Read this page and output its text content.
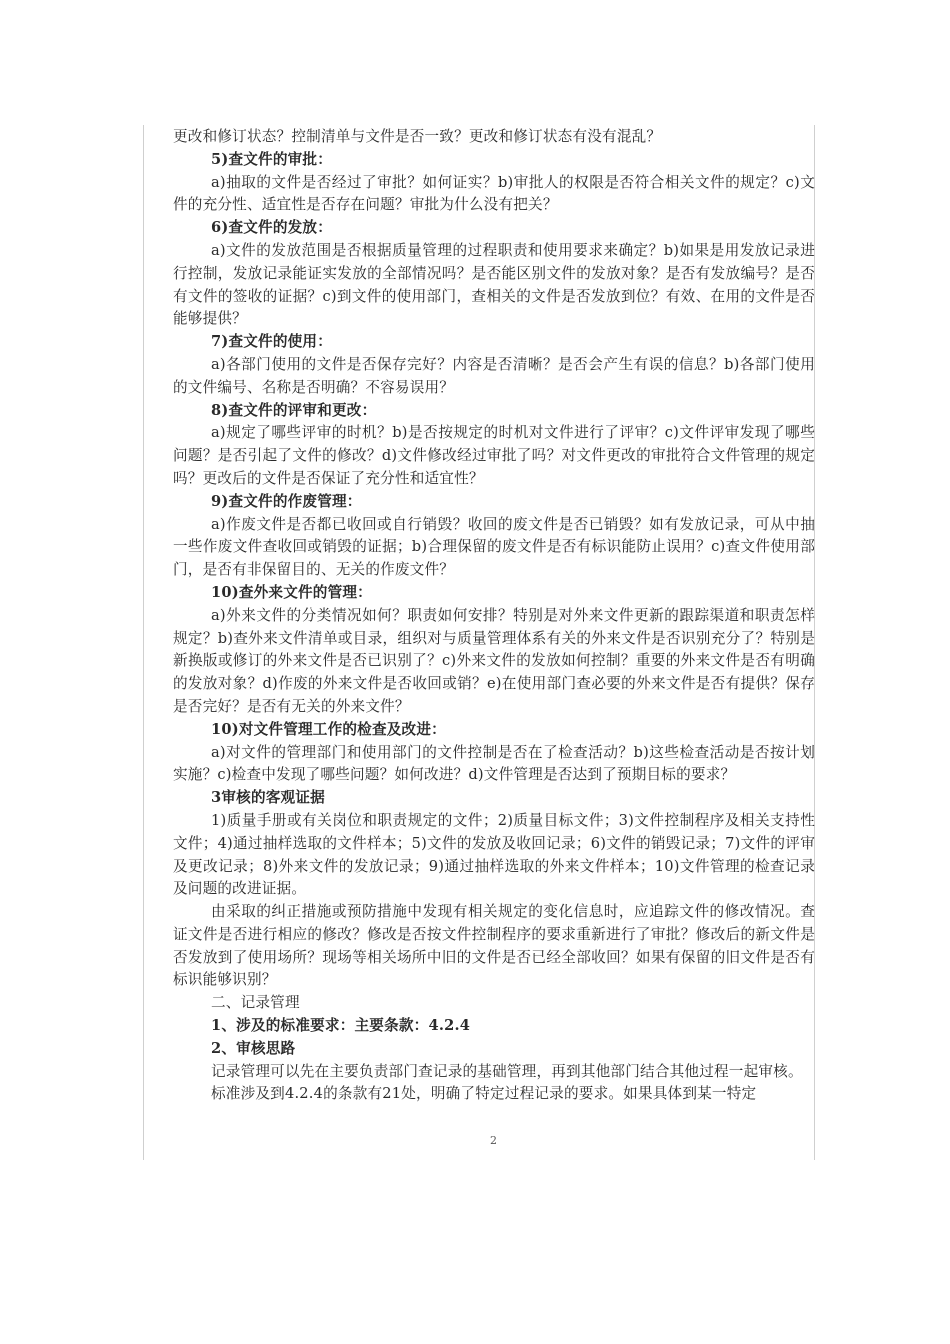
更改和修订状态？控制清单与文件是否一致？更改和修订状态有没有混乱？

5)查文件的审批：

a)抽取的文件是否经过了审批？如何证实？b)审批人的权限是否符合相关文件的规定？c)文件的充分性、适宜性是否存在问题？审批为什么没有把关？

6)查文件的发放：

a)文件的发放范围是否根据质量管理的过程职责和使用要求来确定？b)如果是用发放记录进行控制，发放记录能证实发放的全部情况吗？是否能区别文件的发放对象？是否有发放编号？是否有文件的签收的证据？c)到文件的使用部门，查相关的文件是否发放到位？有效、在用的文件是否能够提供？

7)查文件的使用：

a)各部门使用的文件是否保存完好？内容是否清晰？是否会产生有误的信息？b)各部门使用的文件编号、名称是否明确？不容易误用？

8)查文件的评审和更改：

a)规定了哪些评审的时机？b)是否按规定的时机对文件进行了评审？c)文件评审发现了哪些问题？是否引起了文件的修改？d)文件修改经过审批了吗？对文件更改的审批符合文件管理的规定吗？更改后的文件是否保证了充分性和适宜性？

9)查文件的作废管理：

a)作废文件是否都已收回或自行销毁？收回的废文件是否已销毁？如有发放记录，可从中抽一些作废文件查收回或销毁的证据；b)合理保留的废文件是否有标识能防止误用？c)查文件使用部门，是否有非保留目的、无关的作废文件？

10)查外来文件的管理：

a)外来文件的分类情况如何？职责如何安排？特别是对外来文件更新的跟踪渠道和职责怎样规定？b)查外来文件清单或目录，组织对与质量管理体系有关的外来文件是否识别充分了？特别是新换版或修订的外来文件是否已识别了？c)外来文件的发放如何控制？重要的外来文件是否有明确的发放对象？d)作废的外来文件是否收回或销？e)在使用部门查必要的外来文件是否有提供？保存是否完好？是否有无关的外来文件？

10)对文件管理工作的检查及改进：

a)对文件的管理部门和使用部门的文件控制是否在了检查活动？b)这些检查活动是否按计划实施？c)检查中发现了哪些问题？如何改进？d)文件管理是否达到了预期目标的要求？

3审核的客观证据

1)质量手册或有关岗位和职责规定的文件；2)质量目标文件；3)文件控制程序及相关支持性文件；4)通过抽样选取的文件样本；5)文件的发放及收回记录；6)文件的销毁记录；7)文件的评审及更改记录；8)外来文件的发放记录；9)通过抽样选取的外来文件样本；10)文件管理的检查记录及问题的改进证据。

由采取的纠正措施或预防措施中发现有相关规定的变化信息时，应追踪文件的修改情况。查证文件是否进行相应的修改？修改是否按文件控制程序的要求重新进行了审批？修改后的新文件是否发放到了使用场所？现场等相关场所中旧的文件是否已经全部收回？如果有保留的旧文件是否有标识能够识别？

二、记录管理

1、涉及的标准要求：主要条款：4.2.4

2、审核思路

记录管理可以先在主要负责部门查记录的基础管理，再到其他部门结合其他过程一起审核。

标准涉及到4.2.4的条款有21处，明确了特定过程记录的要求。如果具体到某一特定

2
